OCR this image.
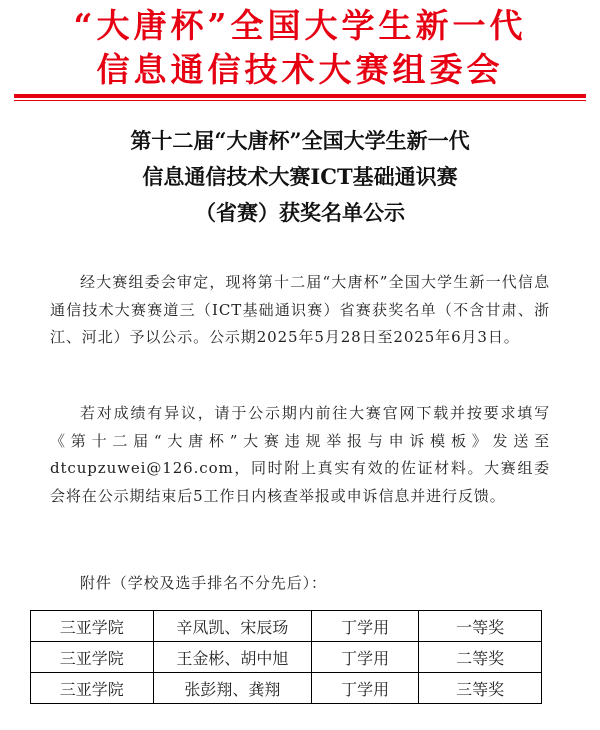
“大唐杯”全国大学生新一代
信息通信技术大赛组委会
第十二届“大唐杯”全国大学生新一代
信息通信技术大赛ICT基础通识赛
（省赛）获奖名单公示
经大赛组委会审定，现将第十二届“大唐杯”全国大学生新一代信息通信技术大赛赛道三（ICT基础通识赛）省赛获奖名单（不含甘肃、浙江、河北）予以公示。公示期2025年5月28日至2025年6月3日。
若对成绩有异议，请于公示期内前往大赛官网下载并按要求填写《第十二届“大唐杯”大赛违规举报与申诉模板》发送至dtcupzuwei@126.com，同时附上真实有效的佐证材料。大赛组委会将在公示期结束后5工作日内核查举报或申诉信息并进行反馈。
附件（学校及选手排名不分先后）：
三亚学院	辛凤凯、宋辰玚	丁学用	一等奖
三亚学院	王金彬、胡中旭	丁学用	二等奖
三亚学院	张彭翔、龚翔	丁学用	三等奖
